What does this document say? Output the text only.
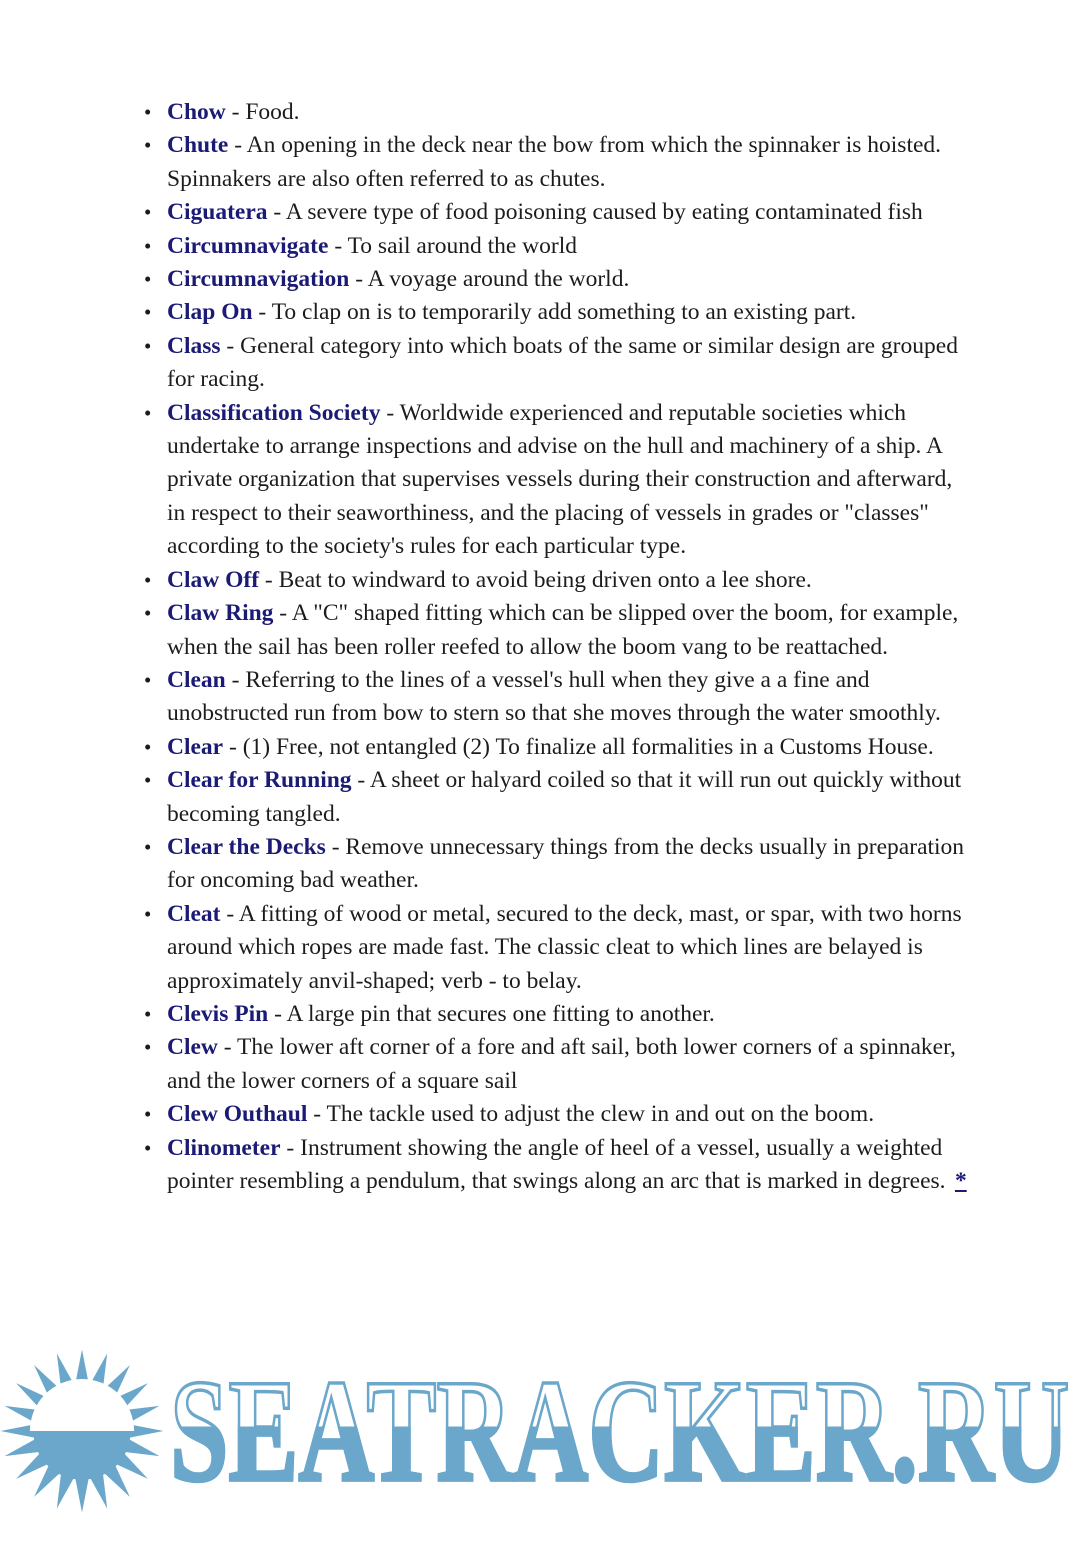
• Chow - Food.
• Chute - An opening in the deck near the bow from which the spinnaker is hoisted. Spinnakers are also often referred to as chutes.
• Ciguatera - A severe type of food poisoning caused by eating contaminated fish
• Circumnavigate - To sail around the world
• Circumnavigation - A voyage around the world.
• Clap On - To clap on is to temporarily add something to an existing part.
• Class - General category into which boats of the same or similar design are grouped for racing.
• Classification Society - Worldwide experienced and reputable societies which undertake to arrange inspections and advise on the hull and machinery of a ship. A private organization that supervises vessels during their construction and afterward, in respect to their seaworthiness, and the placing of vessels in grades or "classes" according to the society's rules for each particular type.
• Claw Off - Beat to windward to avoid being driven onto a lee shore.
• Claw Ring - A "C" shaped fitting which can be slipped over the boom, for example, when the sail has been roller reefed to allow the boom vang to be reattached.
• Clean - Referring to the lines of a vessel's hull when they give a a fine and unobstructed run from bow to stern so that she moves through the water smoothly.
• Clear - (1) Free, not entangled (2) To finalize all formalities in a Customs House.
• Clear for Running - A sheet or halyard coiled so that it will run out quickly without becoming tangled.
• Clear the Decks - Remove unnecessary things from the decks usually in preparation for oncoming bad weather.
• Cleat - A fitting of wood or metal, secured to the deck, mast, or spar, with two horns around which ropes are made fast. The classic cleat to which lines are belayed is approximately anvil-shaped; verb - to belay.
• Clevis Pin - A large pin that secures one fitting to another.
• Clew - The lower aft corner of a fore and aft sail, both lower corners of a spinnaker, and the lower corners of a square sail
• Clew Outhaul - The tackle used to adjust the clew in and out on the boom.
• Clinometer - Instrument showing the angle of heel of a vessel, usually a weighted pointer resembling a pendulum, that swings along an arc that is marked in degrees. *
SEATRACKER.RU
